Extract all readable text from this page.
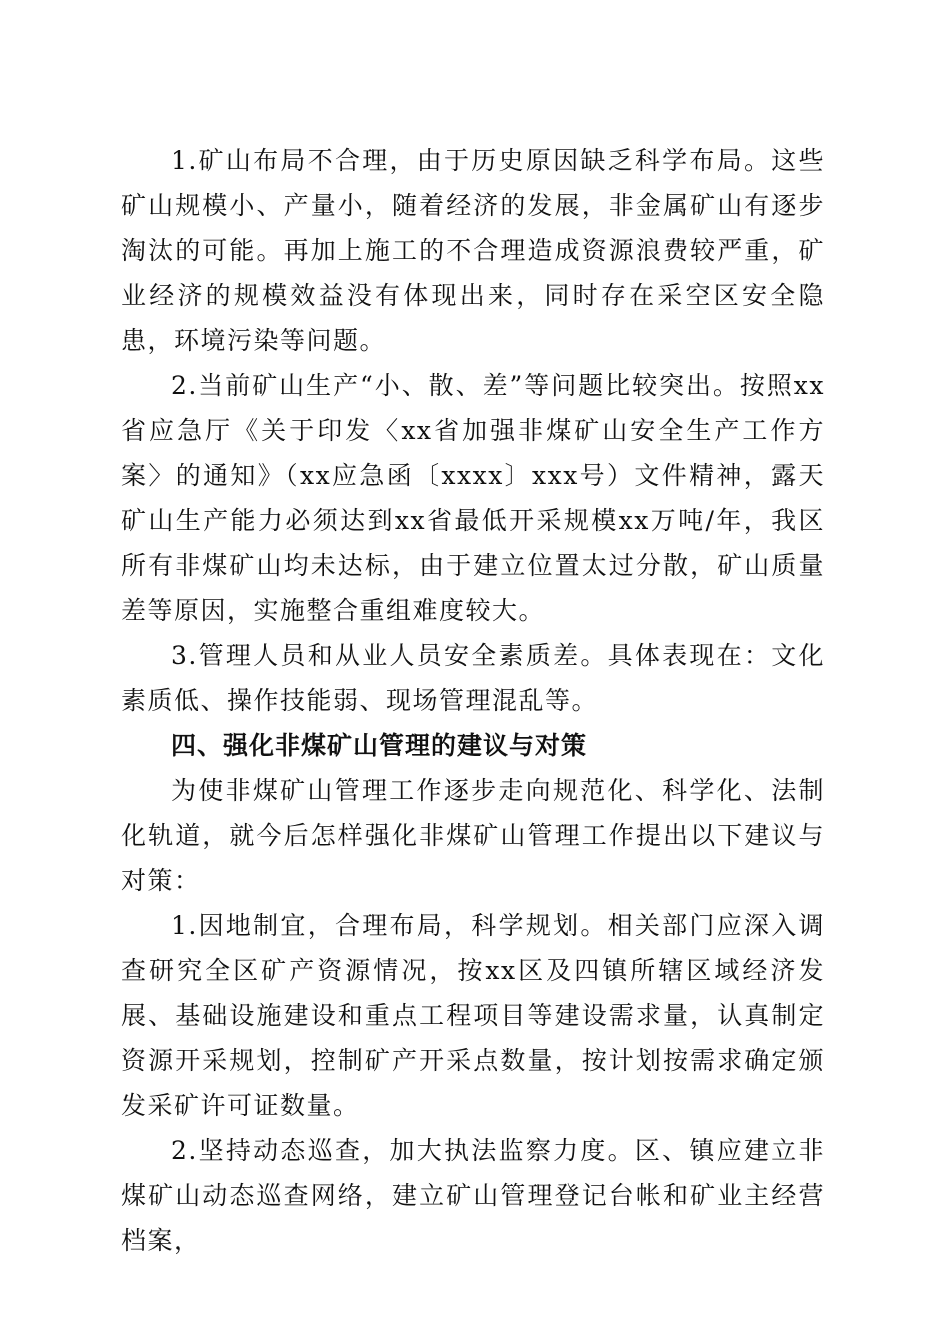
1.矿山布局不合理，由于历史原因缺乏科学布局。这些矿山规模小、产量小，随着经济的发展，非金属矿山有逐步淘汰的可能。再加上施工的不合理造成资源浪费较严重，矿业经济的规模效益没有体现出来，同时存在采空区安全隐患，环境污染等问题。

2.当前矿山生产“小、散、差”等问题比较突出。按照xx省应急厅《关于印发〈xx省加强非煤矿山安全生产工作方案〉的通知》（xx应急函〔xxxx〕xxx号）文件精神，露天矿山生产能力必须达到xx省最低开采规模xx万吨/年，我区所有非煤矿山均未达标，由于建立位置太过分散，矿山质量差等原因，实施整合重组难度较大。

3.管理人员和从业人员安全素质差。具体表现在：文化素质低、操作技能弱、现场管理混乱等。

四、强化非煤矿山管理的建议与对策

为使非煤矿山管理工作逐步走向规范化、科学化、法制化轨道，就今后怎样强化非煤矿山管理工作提出以下建议与对策：

1.因地制宜，合理布局，科学规划。相关部门应深入调查研究全区矿产资源情况，按xx区及四镇所辖区域经济发展、基础设施建设和重点工程项目等建设需求量，认真制定资源开采规划，控制矿产开采点数量，按计划按需求确定颁发采矿许可证数量。

2.坚持动态巡查，加大执法监察力度。区、镇应建立非煤矿山动态巡查网络，建立矿山管理登记台帐和矿业主经营档案，
